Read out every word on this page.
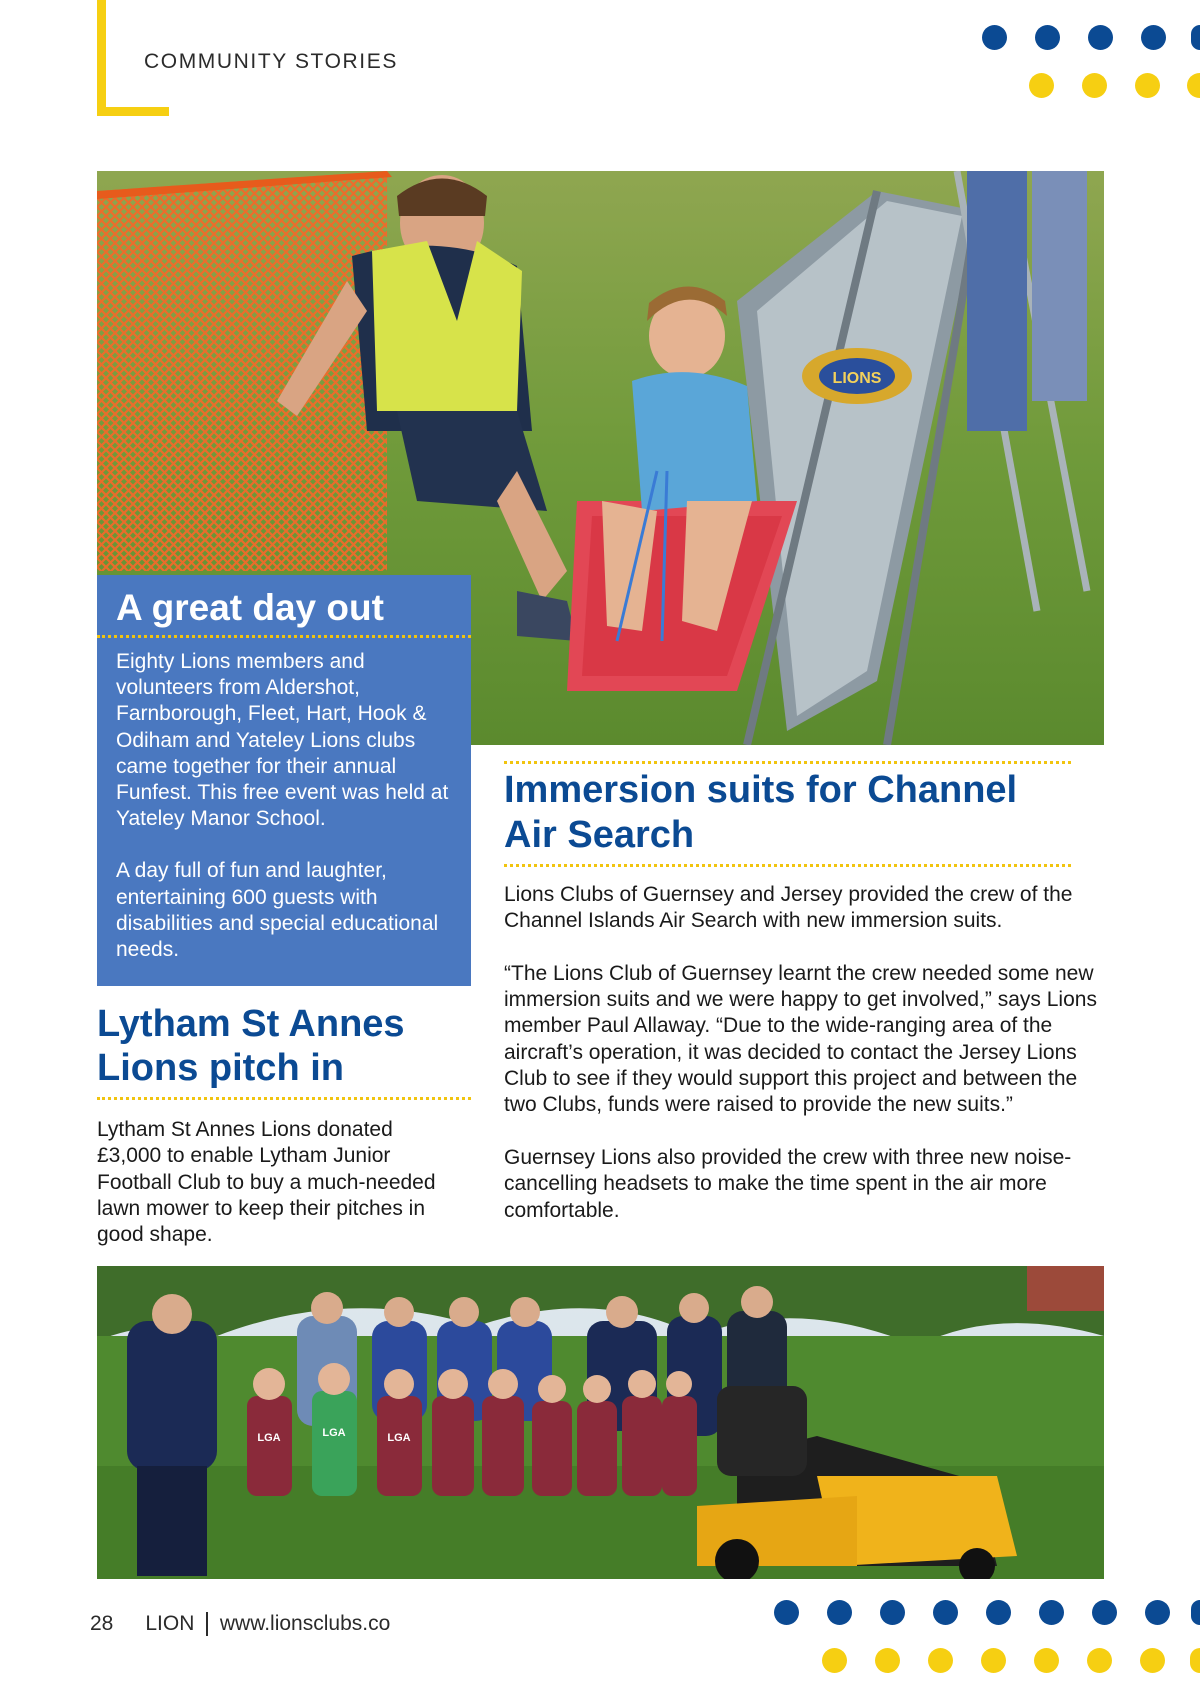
COMMUNITY STORIES
LIONS
A great day out

Eighty Lions members and volunteers from Aldershot, Farnborough, Fleet, Hart, Hook & Odiham and Yateley Lions clubs came together for their annual Funfest. This free event was held at Yateley Manor School.

A day full of fun and laughter, entertaining 600 guests with disabilities and special educational needs.

Lytham St Annes
Lions pitch in

Lytham St Annes Lions donated £3,000 to enable Lytham Junior Football Club to buy a much-needed lawn mower to keep their pitches in good shape.

Immersion suits for Channel
Air Search

Lions Clubs of Guernsey and Jersey provided the crew of the Channel Islands Air Search with new immersion suits.

“The Lions Club of Guernsey learnt the crew needed some new immersion suits and we were happy to get involved,” says Lions member Paul Allaway. “Due to the wide-ranging area of the aircraft’s operation, it was decided to contact the Jersey Lions Club to see if they would support this project and between the two Clubs, funds were raised to provide the new suits.”

Guernsey Lions also provided the crew with three new noise-cancelling headsets to make the time spent in the air more comfortable.

LGA	LGA	LGA
28 LION www.lionsclubs.co
